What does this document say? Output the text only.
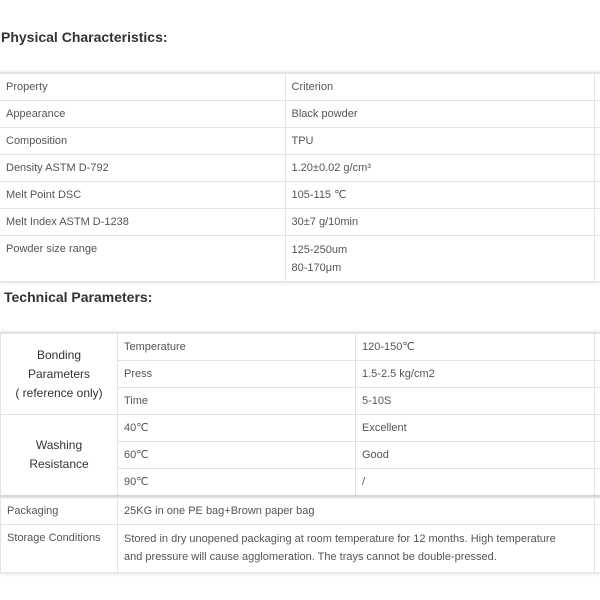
Physical Characteristics:
Property	Criterion	
Appearance	Black powder	
Composition	TPU	
Density ASTM D-792	1.20±0.02 g/cm³	
Melt Point DSC	105-115 ℃	
Melt Index ASTM D-1238	30±7 g/10min	
Powder size range	125-250um
80-170μm	

Technical Parameters:
Bonding
Parameters
( reference only)	Temperature	120-150℃	
	Press	1.5-2.5 kg/cm2	
	Time	5-10S	

Washing
Resistance	40℃	Excellent	
	60℃	Good	
	90℃	/	
Packaging	25KG in one PE bag+Brown paper bag	
Storage Conditions	Stored in dry unopened packaging at room temperature for 12 months. High temperature
and pressure will cause agglomeration. The trays cannot be double-pressed.	
